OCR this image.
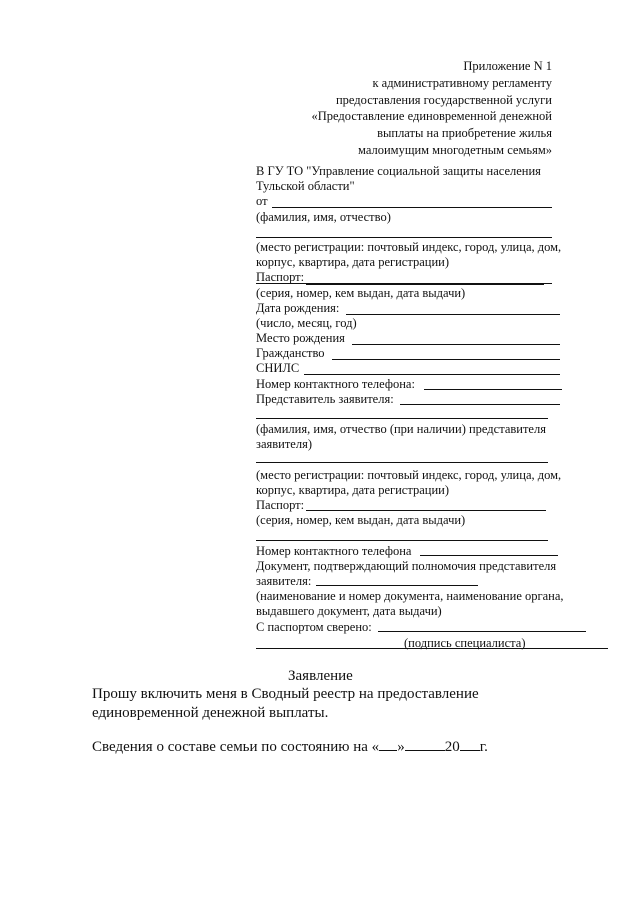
Приложение N 1
к административному регламенту
предоставления государственной услуги
«Предоставление единовременной денежной
выплаты на приобретение жилья
малоимущим многодетным семьям»
В ГУ ТО "Управление социальной защиты населения
Тульской области"
от
(фамилия, имя, отчество)
(место регистрации: почтовый индекс, город, улица, дом,
корпус, квартира, дата регистрации)
Паспорт:
(серия, номер, кем выдан, дата выдачи)
Дата рождения:
(число, месяц, год)
Место рождения
Гражданство
СНИЛС
Номер контактного телефона:
Представитель заявителя:
(фамилия, имя, отчество (при наличии) представителя
заявителя)
(место регистрации: почтовый индекс, город, улица, дом,
корпус, квартира, дата регистрации)
Паспорт:
(серия, номер, кем выдан, дата выдачи)
Номер контактного телефона
Документ, подтверждающий полномочия представителя
заявителя:
(наименование и номер документа, наименование органа,
выдавшего документ, дата выдачи)
С паспортом сверено:
(подпись специалиста)
Заявление
Прошу включить меня в Сводный реестр на предоставление единовременной денежной выплаты.
Сведения о составе семьи по состоянию на « »	20 г.
